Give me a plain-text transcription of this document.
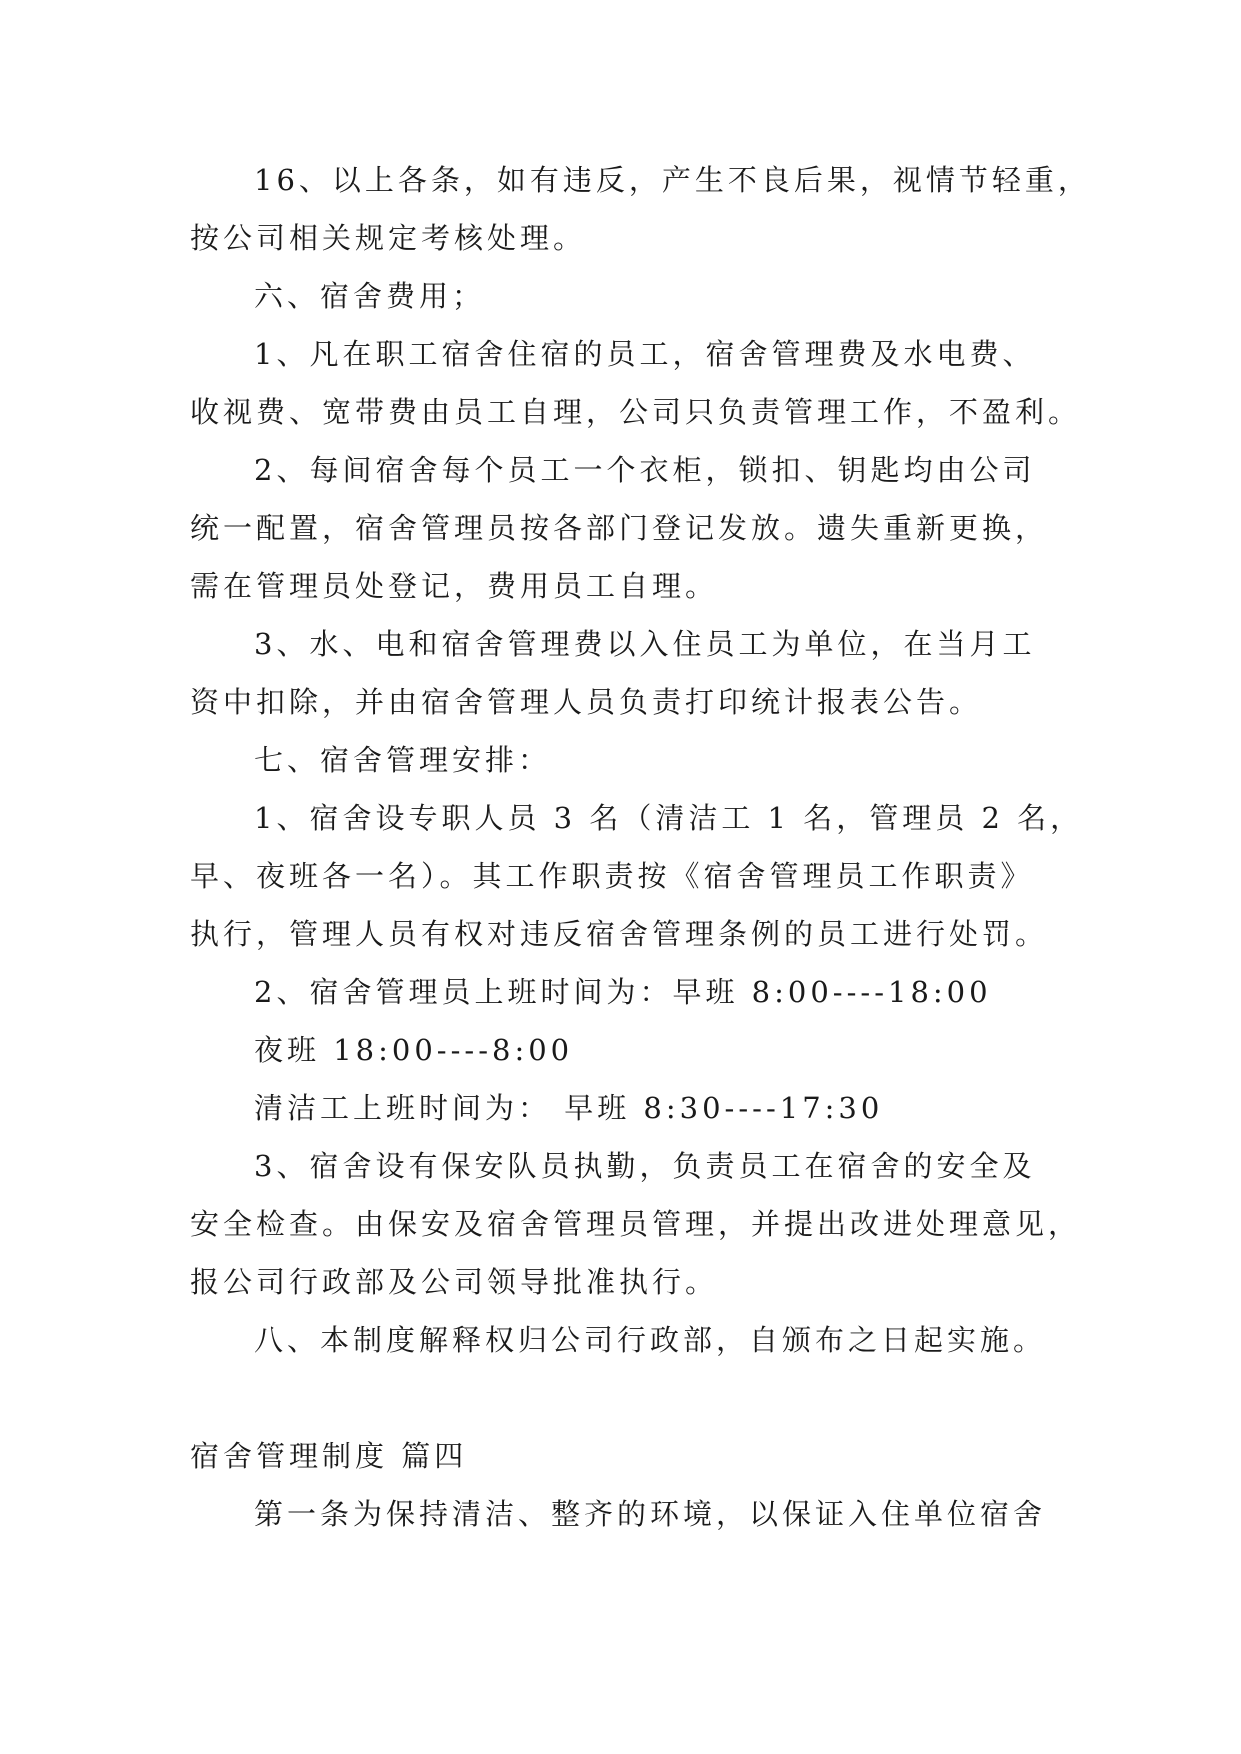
16、以上各条，如有违反，产生不良后果，视情节轻重，
按公司相关规定考核处理。
六、宿舍费用；
1、凡在职工宿舍住宿的员工，宿舍管理费及水电费、
收视费、宽带费由员工自理，公司只负责管理工作，不盈利。
2、每间宿舍每个员工一个衣柜，锁扣、钥匙均由公司
统一配置，宿舍管理员按各部门登记发放。遗失重新更换，
需在管理员处登记，费用员工自理。
3、水、电和宿舍管理费以入住员工为单位，在当月工
资中扣除，并由宿舍管理人员负责打印统计报表公告。
七、宿舍管理安排：
1、宿舍设专职人员 3 名（清洁工 1 名，管理员 2 名，
早、夜班各一名）。其工作职责按《宿舍管理员工作职责》
执行，管理人员有权对违反宿舍管理条例的员工进行处罚。
2、宿舍管理员上班时间为：早班 8:00----18:00
夜班 18:00----8:00
清洁工上班时间为： 早班 8:30----17:30
3、宿舍设有保安队员执勤，负责员工在宿舍的安全及
安全检查。由保安及宿舍管理员管理，并提出改进处理意见，
报公司行政部及公司领导批准执行。
八、本制度解释权归公司行政部，自颁布之日起实施。
宿舍管理制度 篇四
第一条为保持清洁、整齐的环境，以保证入住单位宿舍
